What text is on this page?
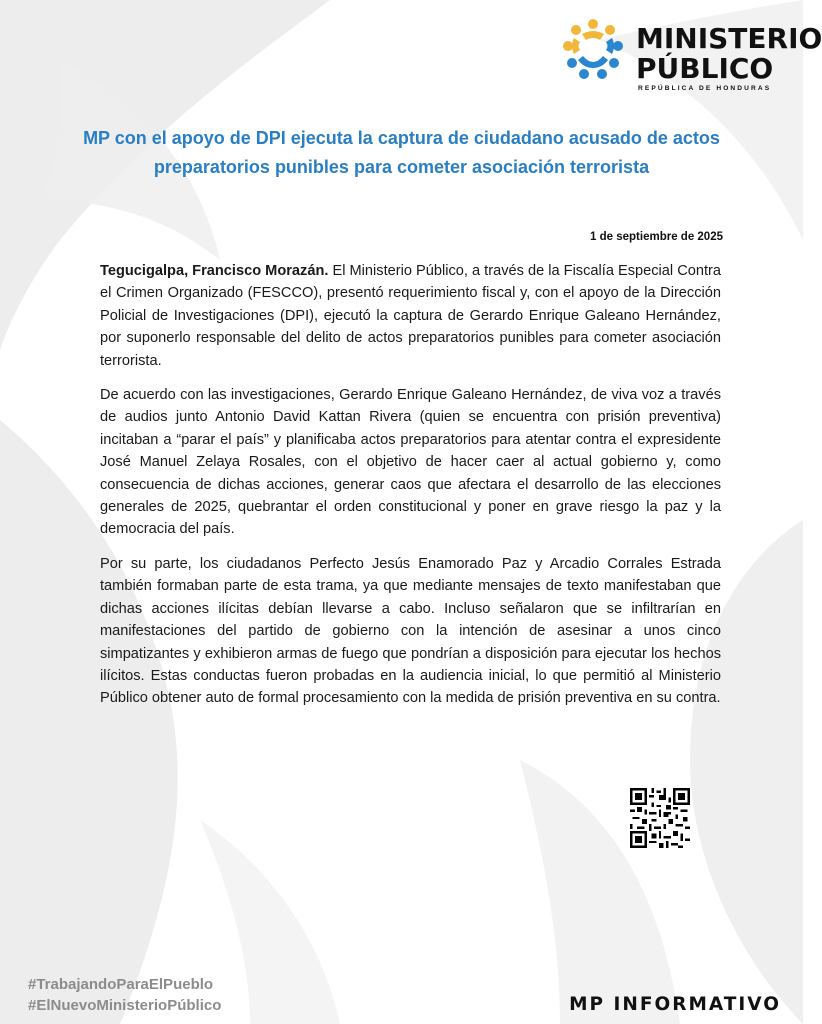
MINISTERIO
PÚBLICO
REPÚBLICA DE HONDURAS
MP con el apoyo de DPI ejecuta la captura de ciudadano acusado de actos preparatorios punibles para cometer asociación terrorista
1 de septiembre de 2025

Tegucigalpa, Francisco Morazán. El Ministerio Público, a través de la Fiscalía Especial Contra el Crimen Organizado (FESCCO), presentó requerimiento fiscal y, con el apoyo de la Dirección Policial de Investigaciones (DPI), ejecutó la captura de Gerardo Enrique Galeano Hernández, por suponerlo responsable del delito de actos preparatorios punibles para cometer asociación terrorista.

De acuerdo con las investigaciones, Gerardo Enrique Galeano Hernández, de viva voz a través de audios junto Antonio David Kattan Rivera (quien se encuentra con prisión preventiva) incitaban a “parar el país” y planificaba actos preparatorios para atentar contra el expresidente José Manuel Zelaya Rosales, con el objetivo de hacer caer al actual gobierno y, como consecuencia de dichas acciones, generar caos que afectara el desarrollo de las elecciones generales de 2025, quebrantar el orden constitucional y poner en grave riesgo la paz y la democracia del país.

Por su parte, los ciudadanos Perfecto Jesús Enamorado Paz y Arcadio Corrales Estrada también formaban parte de esta trama, ya que mediante mensajes de texto manifestaban que dichas acciones ilícitas debían llevarse a cabo. Incluso señalaron que se infiltrarían en manifestaciones del partido de gobierno con la intención de asesinar a unos cinco simpatizantes y exhibieron armas de fuego que pondrían a disposición para ejecutar los hechos ilícitos. Estas conductas fueron probadas en la audiencia inicial, lo que permitió al Ministerio Público obtener auto de formal procesamiento con la medida de prisión preventiva en su contra.

#TrabajandoParaElPueblo
#ElNuevoMinisterioPúblico	MP INFORMATIVO
